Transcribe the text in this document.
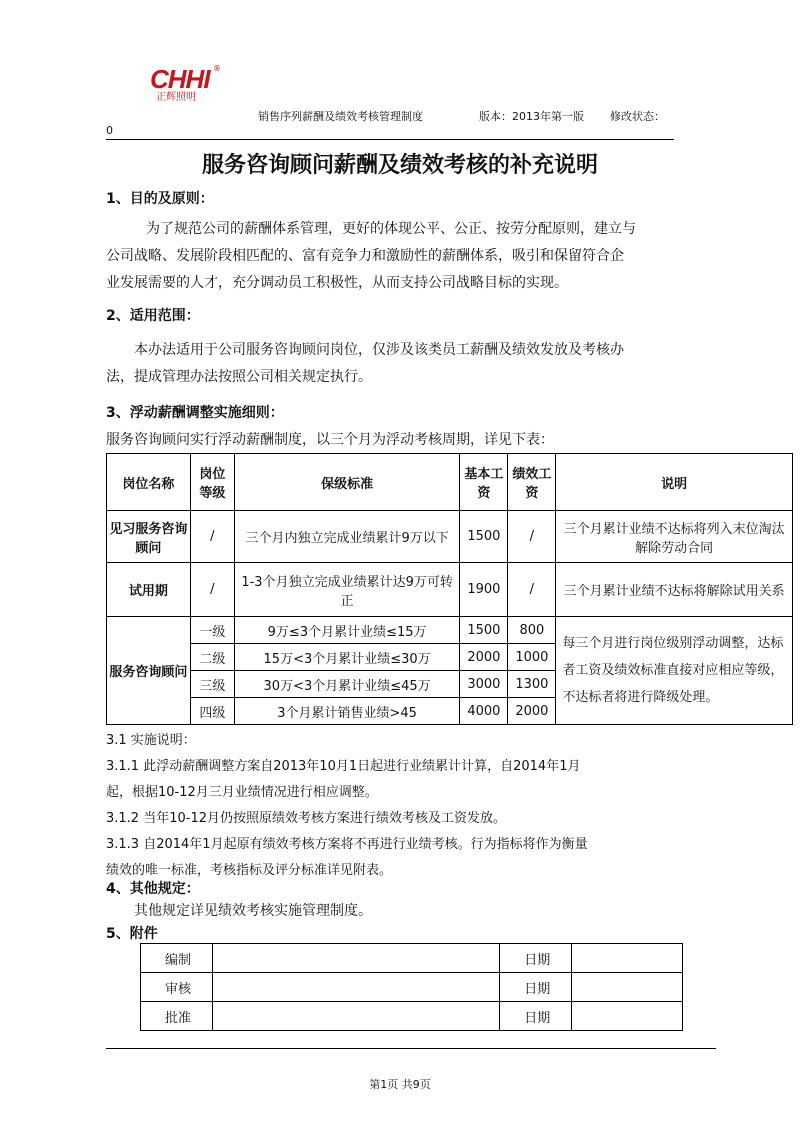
CHHI
正辉照明
®
销售序列薪酬及绩效考核管理制度	版本：2013年第一版 修改状态：
0
服务咨询顾问薪酬及绩效考核的补充说明
1、目的及原则：
为了规范公司的薪酬体系管理，更好的体现公平、公正、按劳分配原则，建立与
公司战略、发展阶段相匹配的、富有竞争力和激励性的薪酬体系，吸引和保留符合企
业发展需要的人才，充分调动员工积极性，从而支持公司战略目标的实现。
2、适用范围：
本办法适用于公司服务咨询顾问岗位，仅涉及该类员工薪酬及绩效发放及考核办
法，提成管理办法按照公司相关规定执行。
3、浮动薪酬调整实施细则：
服务咨询顾问实行浮动薪酬制度，以三个月为浮动考核周期，详见下表：
岗位名称	岗位等级	保级标准	基本工资	绩效工资	说明
见习服务咨询顾问	/	三个月内独立完成业绩累计9万以下	1500	/	三个月累计业绩不达标将列入末位淘汰解除劳动合同
试用期	/	1-3个月独立完成业绩累计达9万可转正	1900	/	三个月累计业绩不达标将解除试用关系
服务咨询顾问	一级	9万≤3个月累计业绩≤15万	1500	800	每三个月进行岗位级别浮动调整，达标者工资及绩效标准直接对应相应等级，不达标者将进行降级处理。
	二级	15万<3个月累计业绩≤30万	2000	1000	
	三级	30万<3个月累计业绩≤45万	3000	1300	
	四级	3个月累计销售业绩>45	4000	2000	
3.1 实施说明：
3.1.1 此浮动薪酬调整方案自2013年10月1日起进行业绩累计计算，自2014年1月
起，根据10-12月三月业绩情况进行相应调整。
3.1.2 当年10-12月仍按照原绩效考核方案进行绩效考核及工资发放。
3.1.3 自2014年1月起原有绩效考核方案将不再进行业绩考核。行为指标将作为衡量
绩效的唯一标准，考核指标及评分标准详见附表。
4、其他规定：
其他规定详见绩效考核实施管理制度。
5、附件
编制		日期	
审核		日期	
批准		日期	
第1页 共9页
